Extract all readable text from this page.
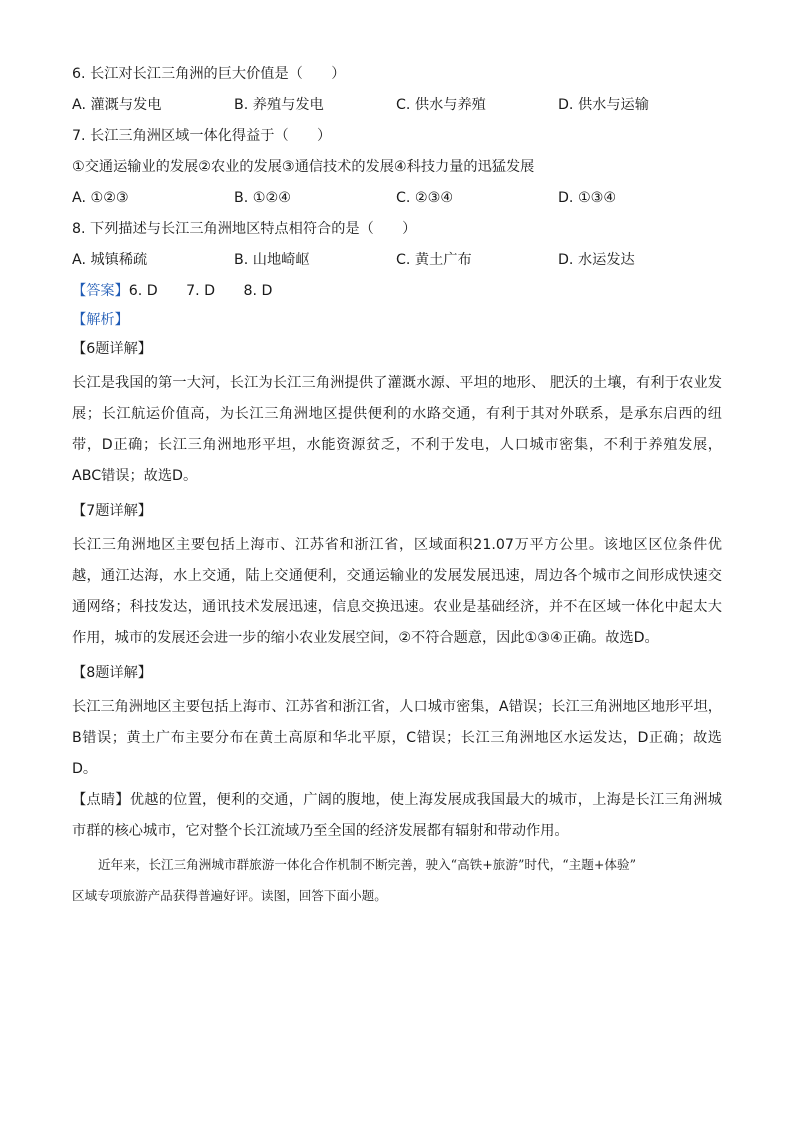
6. 长江对长江三角洲的巨大价值是（　　）
A. 灌溉与发电	B. 养殖与发电	C. 供水与养殖	D. 供水与运输
7. 长江三角洲区域一体化得益于（　　）
①交通运输业的发展②农业的发展③通信技术的发展④科技力量的迅猛发展
A. ①②③	B. ①②④	C. ②③④	D. ①③④
8. 下列描述与长江三角洲地区特点相符合的是（　　）
A. 城镇稀疏	B. 山地崎岖	C. 黄土广布	D. 水运发达
【答案】6. D　　7. D　　8. D
【解析】
【6题详解】
长江是我国的第一大河，长江为长江三角洲提供了灌溉水源、平坦的地形、 肥沃的土壤，有利于农业发展；长江航运价值高，为长江三角洲地区提供便利的水路交通，有利于其对外联系，是承东启西的纽带，D正确；长江三角洲地形平坦，水能资源贫乏，不利于发电，人口城市密集，不利于养殖发展，ABC错误；故选D。
【7题详解】
长江三角洲地区主要包括上海市、江苏省和浙江省，区域面积21.07万平方公里。该地区区位条件优越，通江达海，水上交通，陆上交通便利，交通运输业的发展发展迅速，周边各个城市之间形成快速交通网络；科技发达，通讯技术发展迅速，信息交换迅速。农业是基础经济，并不在区域一体化中起太大作用，城市的发展还会进一步的缩小农业发展空间，②不符合题意，因此①③④正确。故选D。
【8题详解】
长江三角洲地区主要包括上海市、江苏省和浙江省，人口城市密集，A错误；长江三角洲地区地形平坦，B错误；黄土广布主要分布在黄土高原和华北平原，C错误；长江三角洲地区水运发达，D正确；故选D。
【点睛】优越的位置，便利的交通，广阔的腹地，使上海发展成我国最大的城市，上海是长江三角洲城市群的核心城市，它对整个长江流域乃至全国的经济发展都有辐射和带动作用。
近年来，长江三角洲城市群旅游一体化合作机制不断完善，驶入“高铁+旅游”时代，“主题+体验”
区域专项旅游产品获得普遍好评。读图，回答下面小题。
